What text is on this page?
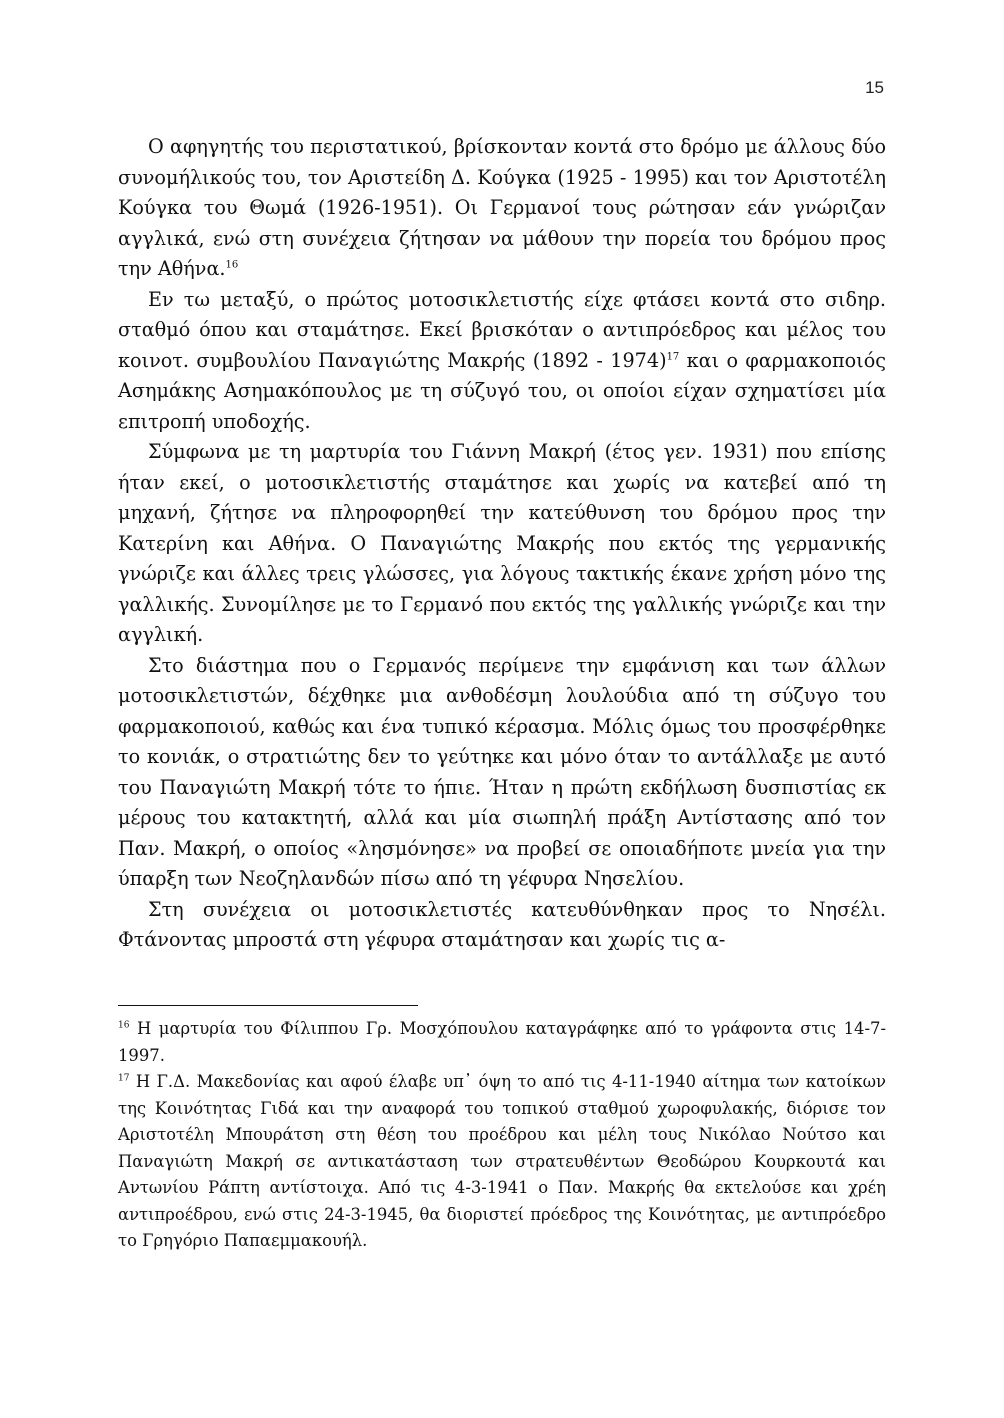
15

Ο αφηγητής του περιστατικού, βρίσκονταν κοντά στο δρόμο με άλλους δύο συνομήλικούς του, τον Αριστείδη Δ. Κούγκα (1925 - 1995) και τον Αριστοτέλη Κούγκα του Θωμά (1926-1951). Οι Γερμανοί τους ρώτησαν εάν γνώριζαν αγγλικά, ενώ στη συνέχεια ζήτησαν να μάθουν την πορεία του δρόμου προς την Αθήνα.$^{16}$

Εν τω μεταξύ, ο πρώτος μοτοσικλετιστής είχε φτάσει κοντά στο σιδηρ. σταθμό όπου και σταμάτησε. Εκεί βρισκόταν ο αντιπρόεδρος και μέλος του κοινοτ. συμβουλίου Παναγιώτης Μακρής (1892 - 1974)$^{17}$ και ο φαρμακοποιός Ασημάκης Ασημακόπουλος με τη σύζυγό του, οι οποίοι είχαν σχηματίσει μία επιτροπή υποδοχής.

Σύμφωνα με τη μαρτυρία του Γιάννη Μακρή (έτος γεν. 1931) που επίσης ήταν εκεί, ο μοτοσικλετιστής σταμάτησε και χωρίς να κατεβεί από τη μηχανή, ζήτησε να πληροφορηθεί την κατεύθυνση του δρόμου προς την Κατερίνη και Αθήνα. Ο Παναγιώτης Μακρής που εκτός της γερμανικής γνώριζε και άλλες τρεις γλώσσες, για λόγους τακτικής έκανε χρήση μόνο της γαλλικής. Συνομίλησε με το Γερμανό που εκτός της γαλλικής γνώριζε και την αγγλική.

Στο διάστημα που ο Γερμανός περίμενε την εμφάνιση και των άλλων μοτοσικλετιστών, δέχθηκε μια ανθοδέσμη λουλούδια από τη σύζυγο του φαρμακοποιού, καθώς και ένα τυπικό κέρασμα. Μόλις όμως του προσφέρθηκε το κονιάκ, ο στρατιώτης δεν το γεύτηκε και μόνο όταν το αντάλλαξε με αυτό του Παναγιώτη Μακρή τότε το ήπιε. Ήταν η πρώτη εκδήλωση δυσπιστίας εκ μέρους του κατακτητή, αλλά και μία σιωπηλή πράξη Αντίστασης από τον Παν. Μακρή, ο οποίος «λησμόνησε» να προβεί σε οποιαδήποτε μνεία για την ύπαρξη των Νεοζηλανδών πίσω από τη γέφυρα Νησελίου.

Στη συνέχεια οι μοτοσικλετιστές κατευθύνθηκαν προς το Νησέλι. Φτάνοντας μπροστά στη γέφυρα σταμάτησαν και χωρίς τις α-

$^{16}$ Η μαρτυρία του Φίλιππου Γρ. Μοσχόπουλου καταγράφηκε από το γράφοντα στις 14-7-1997.

$^{17}$ Η Γ.Δ. Μακεδονίας και αφού έλαβε υπ᾽ όψη το από τις 4-11-1940 αίτημα των κατοίκων της Κοινότητας Γιδά και την αναφορά του τοπικού σταθμού χωροφυλακής, διόρισε τον Αριστοτέλη Μπουράτση στη θέση του προέδρου και μέλη τους Νικόλαο Νούτσο και Παναγιώτη Μακρή σε αντικατάσταση των στρατευθέντων Θεοδώρου Κουρκουτά και Αντωνίου Ράπτη αντίστοιχα. Από τις 4-3-1941 ο Παν. Μακρής θα εκτελούσε και χρέη αντιπροέδρου, ενώ στις 24-3-1945, θα διοριστεί πρόεδρος της Κοινότητας, με αντιπρόεδρο το Γρηγόριο Παπαεμμακουήλ.
